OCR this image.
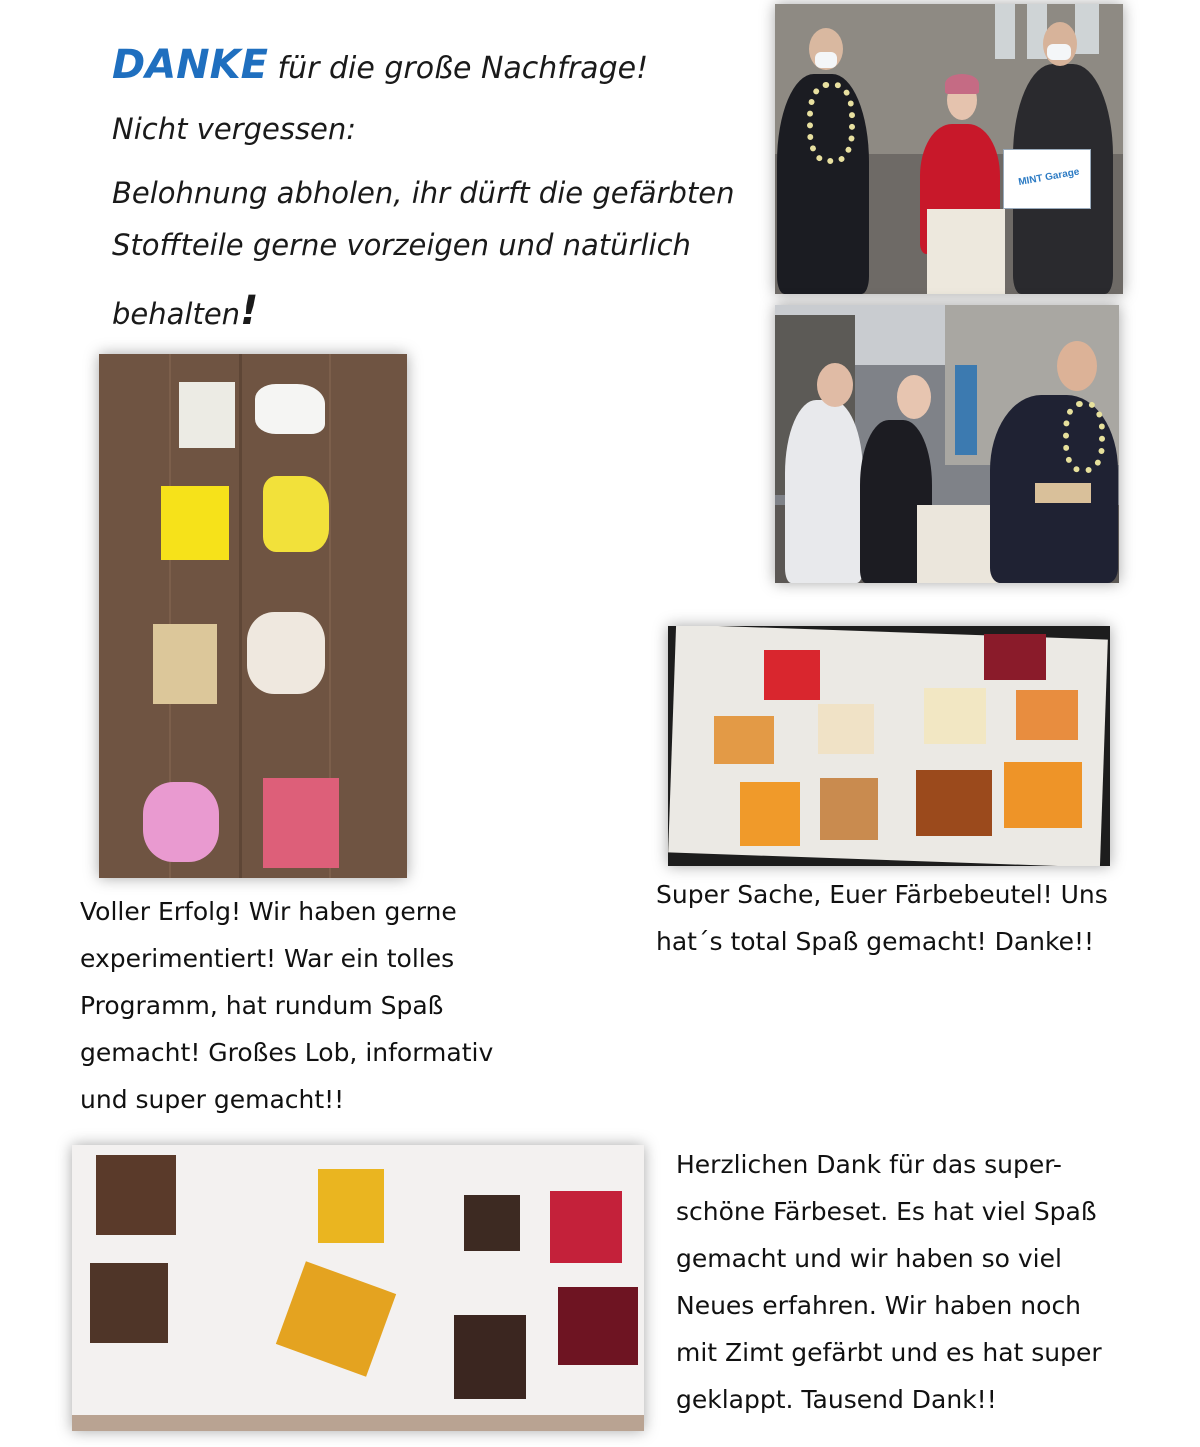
DANKE für die große Nachfrage!
Nicht vergessen:
Belohnung abholen, ihr dürft die gefärbten
Stoffteile gerne vorzeigen und natürlich
behalten!
MINT Garage
Voller Erfolg! Wir haben gerne
experimentiert! War ein tolles
Programm, hat rundum Spaß
gemacht! Großes Lob, informativ
und super gemacht!!
Super Sache, Euer Färbebeutel! Uns
hat´s total Spaß gemacht! Danke!!
Herzlichen Dank für das super-
schöne Färbeset. Es hat viel Spaß
gemacht und wir haben so viel
Neues erfahren. Wir haben noch
mit Zimt gefärbt und es hat super
geklappt. Tausend Dank!!
